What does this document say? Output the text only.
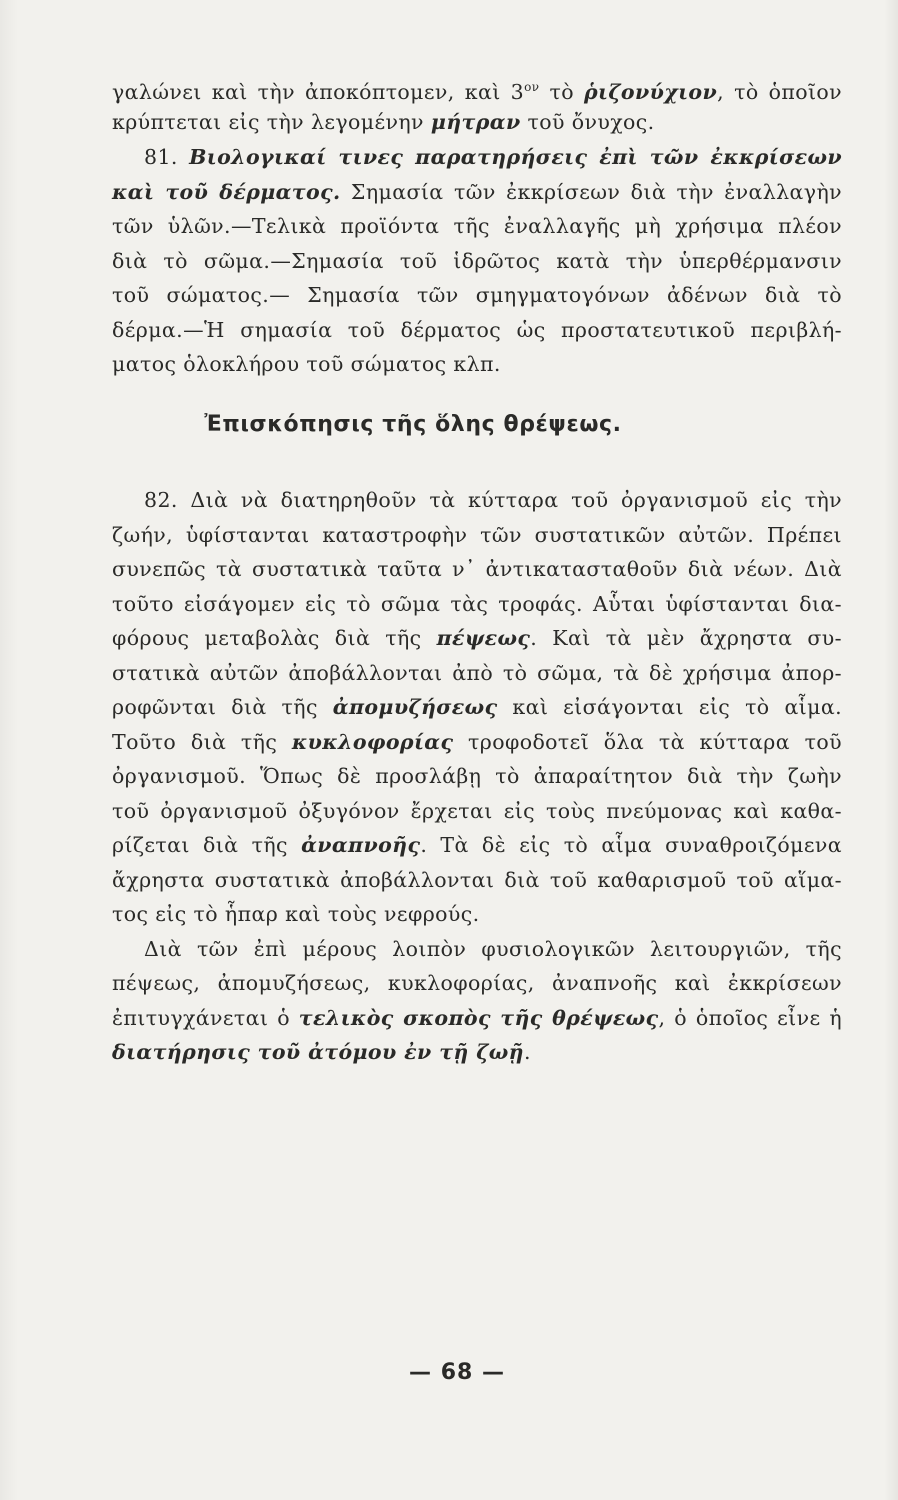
γαλώνει καὶ τὴν ἀποκόπτομεν, καὶ $3^{o\nu}$ τὸ ῥιζονύχιον, τὸ ὁποῖον
κρύπτεται εἰς τὴν λεγομένην μήτραν τοῦ ὄνυχος.
81. Βιολογικαί τινες παρατηρήσεις ἐπὶ τῶν ἐκκρίσεων
καὶ τοῦ δέρματος. Σημασία τῶν ἐκκρίσεων διὰ τὴν ἐναλλαγὴν
τῶν ὑλῶν.—Τελικὰ προϊόντα τῆς ἐναλλαγῆς μὴ χρήσιμα πλέον
διὰ τὸ σῶμα.—Σημασία τοῦ ἱδρῶτος κατὰ τὴν ὑπερθέρμανσιν
τοῦ σώματος.— Σημασία τῶν σμηγματογόνων ἀδένων διὰ τὸ
δέρμα.—Ἡ σημασία τοῦ δέρματος ὡς προστατευτικοῦ περιβλή-
ματος ὁλοκλήρου τοῦ σώματος κλπ.
Ἐπισκόπησις τῆς ὅλης θρέψεως.
82. Διὰ νὰ διατηρηθοῦν τὰ κύτταρα τοῦ ὀργανισμοῦ εἰς τὴν
ζωήν, ὑφίστανται καταστροφὴν τῶν συστατικῶν αὐτῶν. Πρέπει
συνεπῶς τὰ συστατικὰ ταῦτα ν᾽ ἀντικατασταθοῦν διὰ νέων. Διὰ
τοῦτο εἰσάγομεν εἰς τὸ σῶμα τὰς τροφάς. Αὗται ὑφίστανται δια-
φόρους μεταβολὰς διὰ τῆς πέψεως. Καὶ τὰ μὲν ἄχρηστα συ-
στατικὰ αὐτῶν ἀποβάλλονται ἀπὸ τὸ σῶμα, τὰ δὲ χρήσιμα ἀπορ-
ροφῶνται διὰ τῆς ἀπομυζήσεως καὶ εἰσάγονται εἰς τὸ αἷμα.
Τοῦτο διὰ τῆς κυκλοφορίας τροφοδοτεῖ ὅλα τὰ κύτταρα τοῦ
ὀργανισμοῦ. Ὅπως δὲ προσλάβῃ τὸ ἀπαραίτητον διὰ τὴν ζωὴν
τοῦ ὀργανισμοῦ ὀξυγόνον ἔρχεται εἰς τοὺς πνεύμονας καὶ καθα-
ρίζεται διὰ τῆς ἀναπνοῆς. Τὰ δὲ εἰς τὸ αἷμα συναθροιζόμενα
ἄχρηστα συστατικὰ ἀποβάλλονται διὰ τοῦ καθαρισμοῦ τοῦ αἵμα-
τος εἰς τὸ ἧπαρ καὶ τοὺς νεφρούς.
Διὰ τῶν ἐπὶ μέρους λοιπὸν φυσιολογικῶν λειτουργιῶν, τῆς
πέψεως, ἀπομυζήσεως, κυκλοφορίας, ἀναπνοῆς καὶ ἐκκρίσεων
ἐπιτυγχάνεται ὁ τελικὸς σκοπὸς τῆς θρέψεως, ὁ ὁποῖος εἶνε ἡ
διατήρησις τοῦ ἀτόμου ἐν τῇ ζωῇ.
— 68 —
